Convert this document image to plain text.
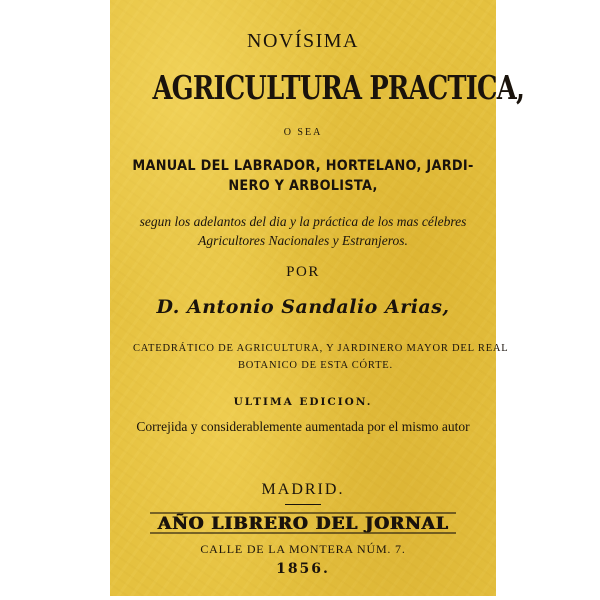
NOVÍSIMA
AGRICULTURA PRACTICA,
O SEA
MANUAL DEL LABRADOR, HORTELANO, JARDI-
NERO Y ARBOLISTA,
segun los adelantos del dia y la práctica de los mas célebres
Agricultores Nacionales y Estranjeros.
POR
D. Antonio Sandalio Arias,
CATEDRÁTICO DE AGRICULTURA, Y JARDINERO MAYOR DEL REAL
BOTANICO DE ESTA CÓRTE.
ULTIMA EDICION.
Correjida y considerablemente aumentada por el mismo autor
MADRID.
AÑO LIBRERO DEL JORNAL
CALLE DE LA MONTERA NÚM. 7.
1856.
